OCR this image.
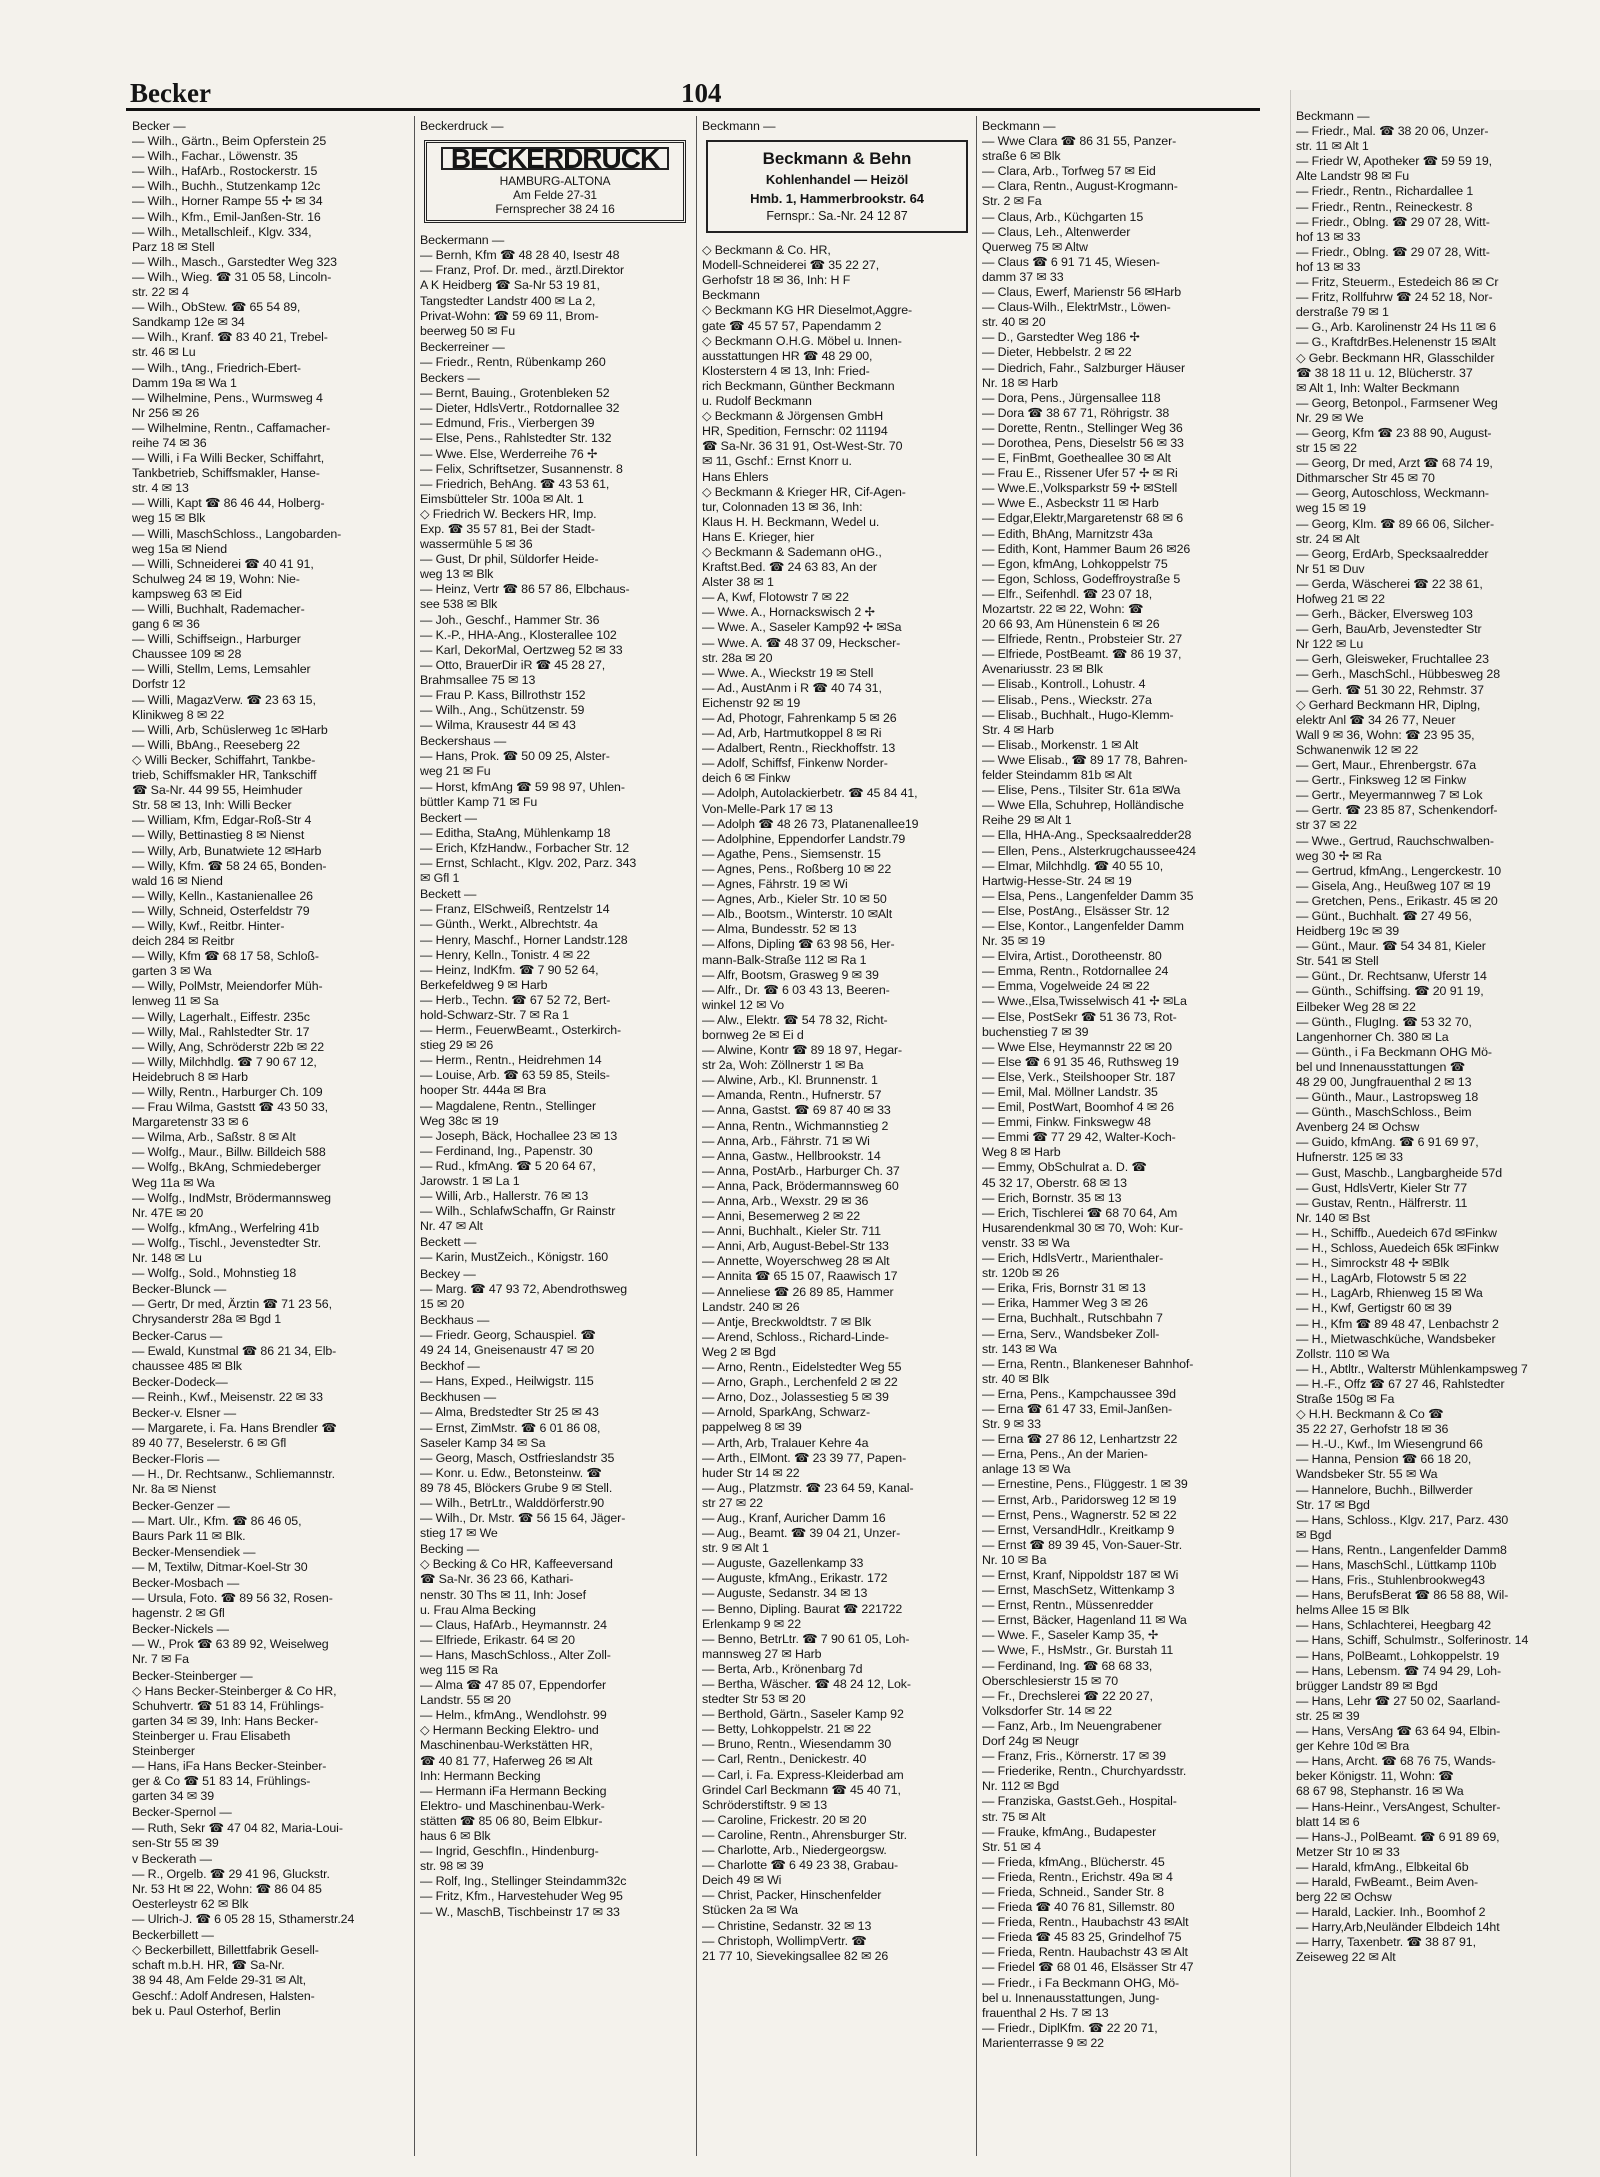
Becker	104
Becker —
— Wilh., Gärtn., Beim Opferstein 25
— Wilh., Fachar., Löwenstr. 35
— Wilh., HafArb., Rostockerstr. 15
— Wilh., Buchh., Stutzenkamp 12c
— Wilh., Horner Rampe 55 ✢ ✉ 34
— Wilh., Kfm., Emil-Janßen-Str. 16
— Wilh., Metallschleif., Klgv. 334,
Parz 18 ✉ Stell
— Wilh., Masch., Garstedter Weg 323
— Wilh., Wieg. ☎ 31 05 58, Lincoln-
str. 22 ✉ 4
— Wilh., ObStew. ☎ 65 54 89,
Sandkamp 12e ✉ 34
— Wilh., Kranf. ☎ 83 40 21, Trebel-
str. 46 ✉ Lu
— Wilh., tAng., Friedrich-Ebert-
Damm 19a ✉ Wa 1
— Wilhelmine, Pens., Wurmsweg 4
Nr 256 ✉ 26
— Wilhelmine, Rentn., Caffamacher-
reihe 74 ✉ 36
— Willi, i Fa Willi Becker, Schiffahrt,
Tankbetrieb, Schiffsmakler, Hanse-
str. 4 ✉ 13
— Willi, Kapt ☎ 86 46 44, Holberg-
weg 15 ✉ Blk
— Willi, MaschSchloss., Langobarden-
weg 15a ✉ Niend
— Willi, Schneiderei ☎ 40 41 91,
Schulweg 24 ✉ 19, Wohn: Nie-
kampsweg 63 ✉ Eid
— Willi, Buchhalt, Rademacher-
gang 6 ✉ 36
— Willi, Schiffseign., Harburger
Chaussee 109 ✉ 28
— Willi, Stellm, Lems, Lemsahler
Dorfstr 12
— Willi, MagazVerw. ☎ 23 63 15,
Klinikweg 8 ✉ 22
— Willi, Arb, Schüslerweg 1c ✉Harb
— Willi, BbAng., Reeseberg 22
◇ Willi Becker, Schiffahrt, Tankbe-
trieb, Schiffsmakler HR, Tankschiff
☎ Sa-Nr. 44 99 55, Heimhuder
Str. 58 ✉ 13, Inh: Willi Becker
— William, Kfm, Edgar-Roß-Str 4
— Willy, Bettinastieg 8 ✉ Nienst
— Willy, Arb, Bunatwiete 12 ✉Harb
— Willy, Kfm. ☎ 58 24 65, Bonden-
wald 16 ✉ Niend
— Willy, Kelln., Kastanienallee 26
— Willy, Schneid, Osterfeldstr 79
— Willy, Kwf., Reitbr. Hinter-
deich 284 ✉ Reitbr
— Willy, Kfm ☎ 68 17 58, Schloß-
garten 3 ✉ Wa
— Willy, PolMstr, Meiendorfer Müh-
lenweg 11 ✉ Sa
— Willy, Lagerhalt., Eiffestr. 235c
— Willy, Mal., Rahlstedter Str. 17
— Willy, Ang, Schröderstr 22b ✉ 22
— Willy, Milchhdlg. ☎ 7 90 67 12,
Heidebruch 8 ✉ Harb
— Willy, Rentn., Harburger Ch. 109
— Frau Wilma, Gaststt ☎ 43 50 33,
Margaretenstr 33 ✉ 6
— Wilma, Arb., Saßstr. 8 ✉ Alt
— Wolfg., Maur., Billw. Billdeich 588
— Wolfg., BkAng, Schmiedeberger
Weg 11a ✉ Wa
— Wolfg., IndMstr, Brödermannsweg
Nr. 47E ✉ 20
— Wolfg., kfmAng., Werfelring 41b
— Wolfg., Tischl., Jevenstedter Str.
Nr. 148 ✉ Lu
— Wolfg., Sold., Mohnstieg 18
Becker-Blunck —
— Gertr, Dr med, Ärztin ☎ 71 23 56,
Chrysanderstr 28a ✉ Bgd 1
Becker-Carus —
— Ewald, Kunstmal ☎ 86 21 34, Elb-
chaussee 485 ✉ Blk
Becker-Dodeck—
— Reinh., Kwf., Meisenstr. 22 ✉ 33
Becker-v. Elsner —
— Margarete, i. Fa. Hans Brendler ☎
89 40 77, Beselerstr. 6 ✉ Gfl
Becker-Floris —
— H., Dr. Rechtsanw., Schliemannstr.
Nr. 8a ✉ Nienst
Becker-Genzer —
— Mart. Ulr., Kfm. ☎ 86 46 05,
Baurs Park 11 ✉ Blk.
Becker-Mensendiek —
— M, Textilw, Ditmar-Koel-Str 30
Becker-Mosbach —
— Ursula, Foto. ☎ 89 56 32, Rosen-
hagenstr. 2 ✉ Gfl
Becker-Nickels —
— W., Prok ☎ 63 89 92, Weiselweg
Nr. 7 ✉ Fa
Becker-Steinberger —
◇ Hans Becker-Steinberger & Co HR,
Schuhvertr. ☎ 51 83 14, Frühlings-
garten 34 ✉ 39, Inh: Hans Becker-
Steinberger u. Frau Elisabeth
Steinberger
— Hans, iFa Hans Becker-Steinber-
ger & Co ☎ 51 83 14, Frühlings-
garten 34 ✉ 39
Becker-Spernol —
— Ruth, Sekr ☎ 47 04 82, Maria-Loui-
sen-Str 55 ✉ 39
v Beckerath —
— R., Orgelb. ☎ 29 41 96, Gluckstr.
Nr. 53 Ht ✉ 22, Wohn: ☎ 86 04 85
Oesterleystr 62 ✉ Blk
— Ulrich-J. ☎ 6 05 28 15, Sthamerstr.24
Beckerbillett —
◇ Beckerbillett, Billettfabrik Gesell-
schaft m.b.H. HR, ☎ Sa-Nr.
38 94 48, Am Felde 29-31 ✉ Alt,
Geschf.: Adolf Andresen, Halsten-
bek u. Paul Osterhof, Berlin
Beckerdruck —
BECKERDRUCK
HAMBURG-ALTONA
Am Felde 27-31
Fernsprecher 38 24 16
Beckermann —
— Bernh, Kfm ☎ 48 28 40, Isestr 48
— Franz, Prof. Dr. med., ärztl.Direktor
A K Heidberg ☎ Sa-Nr 53 19 81,
Tangstedter Landstr 400 ✉ La 2,
Privat-Wohn: ☎ 59 69 11, Brom-
beerweg 50 ✉ Fu
Beckerreiner —
— Friedr., Rentn, Rübenkamp 260
Beckers —
— Bernt, Bauing., Grotenbleken 52
— Dieter, HdlsVertr., Rotdornallee 32
— Edmund, Fris., Vierbergen 39
— Else, Pens., Rahlstedter Str. 132
— Wwe. Else, Werderreihe 76 ✢
— Felix, Schriftsetzer, Susannenstr. 8
— Friedrich, BehAng. ☎ 43 53 61,
Eimsbütteler Str. 100a ✉ Alt. 1
◇ Friedrich W. Beckers HR, Imp.
Exp. ☎ 35 57 81, Bei der Stadt-
wassermühle 5 ✉ 36
— Gust, Dr phil, Süldorfer Heide-
weg 13 ✉ Blk
— Heinz, Vertr ☎ 86 57 86, Elbchaus-
see 538 ✉ Blk
— Joh., Geschf., Hammer Str. 36
— K.-P., HHA-Ang., Klosterallee 102
— Karl, DekorMal, Oertzweg 52 ✉ 33
— Otto, BrauerDir iR ☎ 45 28 27,
Brahmsallee 75 ✉ 13
— Frau P. Kass, Billrothstr 152
— Wilh., Ang., Schützenstr. 59
— Wilma, Krausestr 44 ✉ 43
Beckershaus —
— Hans, Prok. ☎ 50 09 25, Alster-
weg 21 ✉ Fu
— Horst, kfmAng ☎ 59 98 97, Uhlen-
büttler Kamp 71 ✉ Fu
Beckert —
— Editha, StaAng, Mühlenkamp 18
— Erich, KfzHandw., Forbacher Str. 12
— Ernst, Schlacht., Klgv. 202, Parz. 343
✉ Gfl 1
Beckett —
— Franz, ElSchweiß, Rentzelstr 14
— Günth., Werkt., Albrechtstr. 4a
— Henry, Maschf., Horner Landstr.128
— Henry, Kelln., Tonistr. 4 ✉ 22
— Heinz, IndKfm. ☎ 7 90 52 64,
Berkefeldweg 9 ✉ Harb
— Herb., Techn. ☎ 67 52 72, Bert-
hold-Schwarz-Str. 7 ✉ Ra 1
— Herm., FeuerwBeamt., Osterkirch-
stieg 29 ✉ 26
— Herm., Rentn., Heidrehmen 14
— Louise, Arb. ☎ 63 59 85, Steils-
hooper Str. 444a ✉ Bra
— Magdalene, Rentn., Stellinger
Weg 38c ✉ 19
— Joseph, Bäck, Hochallee 23 ✉ 13
— Ferdinand, Ing., Papenstr. 30
— Rud., kfmAng. ☎ 5 20 64 67,
Jarowstr. 1 ✉ La 1
— Willi, Arb., Hallerstr. 76 ✉ 13
— Wilh., SchlafwSchaffn, Gr Rainstr
Nr. 47 ✉ Alt
Beckett —
— Karin, MustZeich., Königstr. 160
Beckey —
— Marg. ☎ 47 93 72, Abendrothsweg
15 ✉ 20
Beckhaus —
— Friedr. Georg, Schauspiel. ☎
49 24 14, Gneisenaustr 47 ✉ 20
Beckhof —
— Hans, Exped., Heilwigstr. 115
Beckhusen —
— Alma, Bredstedter Str 25 ✉ 43
— Ernst, ZimMstr. ☎ 6 01 86 08,
Saseler Kamp 34 ✉ Sa
— Georg, Masch, Ostfrieslandstr 35
— Konr. u. Edw., Betonsteinw. ☎
89 78 45, Blöckers Grube 9 ✉ Stell.
— Wilh., BetrLtr., Walddörferstr.90
— Wilh., Dr. Mstr. ☎ 56 15 64, Jäger-
stieg 17 ✉ We
Becking —
◇ Becking & Co HR, Kaffeeversand
☎ Sa-Nr. 36 23 66, Kathari-
nenstr. 30 Ths ✉ 11, Inh: Josef
u. Frau Alma Becking
— Claus, HafArb., Heymannstr. 24
— Elfriede, Erikastr. 64 ✉ 20
— Hans, MaschSchloss., Alter Zoll-
weg 115 ✉ Ra
— Alma ☎ 47 85 07, Eppendorfer
Landstr. 55 ✉ 20
— Helm., kfmAng., Wendlohstr. 99
◇ Hermann Becking Elektro- und
Maschinenbau-Werkstätten HR,
☎ 40 81 77, Haferweg 26 ✉ Alt
Inh: Hermann Becking
— Hermann iFa Hermann Becking
Elektro- und Maschinenbau-Werk-
stätten ☎ 85 06 80, Beim Elbkur-
haus 6 ✉ Blk
— Ingrid, GeschfIn., Hindenburg-
str. 98 ✉ 39
— Rolf, Ing., Stellinger Steindamm32c
— Fritz, Kfm., Harvestehuder Weg 95
— W., MaschB, Tischbeinstr 17 ✉ 33
Beckmann —
Beckmann & Behn
Kohlenhandel — Heizöl
Hmb. 1, Hammerbrookstr. 64
Fernspr.: Sa.-Nr. 24 12 87
◇ Beckmann & Co. HR,
Modell-Schneiderei ☎ 35 22 27,
Gerhofstr 18 ✉ 36, Inh: H F
Beckmann
◇ Beckmann KG HR Dieselmot,Aggre-
gate ☎ 45 57 57, Papendamm 2
◇ Beckmann O.H.G. Möbel u. Innen-
ausstattungen HR ☎ 48 29 00,
Klosterstern 4 ✉ 13, Inh: Fried-
rich Beckmann, Günther Beckmann
u. Rudolf Beckmann
◇ Beckmann & Jörgensen GmbH
HR, Spedition, Fernschr: 02 11194
☎ Sa-Nr. 36 31 91, Ost-West-Str. 70
✉ 11, Gschf.: Ernst Knorr u.
Hans Ehlers
◇ Beckmann & Krieger HR, Cif-Agen-
tur, Colonnaden 13 ✉ 36, Inh:
Klaus H. H. Beckmann, Wedel u.
Hans E. Krieger, hier
◇ Beckmann & Sademann oHG.,
Kraftst.Bed. ☎ 24 63 83, An der
Alster 38 ✉ 1
— A, Kwf, Flotowstr 7 ✉ 22
— Wwe. A., Hornackswisch 2 ✢
— Wwe. A., Saseler Kamp92 ✢ ✉Sa
— Wwe. A. ☎ 48 37 09, Heckscher-
str. 28a ✉ 20
— Wwe. A., Wieckstr 19 ✉ Stell
— Ad., AustAnm i R ☎ 40 74 31,
Eichenstr 92 ✉ 19
— Ad, Photogr, Fahrenkamp 5 ✉ 26
— Ad, Arb, Hartmutkoppel 8 ✉ Ri
— Adalbert, Rentn., Rieckhoffstr. 13
— Adolf, Schiffsf, Finkenw Norder-
deich 6 ✉ Finkw
— Adolph, Autolackierbetr. ☎ 45 84 41,
Von-Melle-Park 17 ✉ 13
— Adolph ☎ 48 26 73, Platanenallee19
— Adolphine, Eppendorfer Landstr.79
— Agathe, Pens., Siemsenstr. 15
— Agnes, Pens., Roßberg 10 ✉ 22
— Agnes, Fährstr. 19 ✉ Wi
— Agnes, Arb., Kieler Str. 10 ✉ 50
— Alb., Bootsm., Winterstr. 10 ✉Alt
— Alma, Bundesstr. 52 ✉ 13
— Alfons, Dipling ☎ 63 98 56, Her-
mann-Balk-Straße 112 ✉ Ra 1
— Alfr, Bootsm, Grasweg 9 ✉ 39
— Alfr., Dr. ☎ 6 03 43 13, Beeren-
winkel 12 ✉ Vo
— Alw., Elektr. ☎ 54 78 32, Richt-
bornweg 2e ✉ Ei d
— Alwine, Kontr ☎ 89 18 97, Hegar-
str 2a, Woh: Zöllnerstr 1 ✉ Ba
— Alwine, Arb., Kl. Brunnenstr. 1
— Amanda, Rentn., Hufnerstr. 57
— Anna, Gastst. ☎ 69 87 40 ✉ 33
— Anna, Rentn., Wichmannstieg 2
— Anna, Arb., Fährstr. 71 ✉ Wi
— Anna, Gastw., Hellbrookstr. 14
— Anna, PostArb., Harburger Ch. 37
— Anna, Pack, Brödermannsweg 60
— Anna, Arb., Wexstr. 29 ✉ 36
— Anni, Besemerweg 2 ✉ 22
— Anni, Buchhalt., Kieler Str. 711
— Anni, Arb, August-Bebel-Str 133
— Annette, Woyerschweg 28 ✉ Alt
— Annita ☎ 65 15 07, Raawisch 17
— Anneliese ☎ 26 89 85, Hammer
Landstr. 240 ✉ 26
— Antje, Breckwoldtstr. 7 ✉ Blk
— Arend, Schloss., Richard-Linde-
Weg 2 ✉ Bgd
— Arno, Rentn., Eidelstedter Weg 55
— Arno, Graph., Lerchenfeld 2 ✉ 22
— Arno, Doz., Jolassestieg 5 ✉ 39
— Arnold, SparkAng, Schwarz-
pappelweg 8 ✉ 39
— Arth, Arb, Tralauer Kehre 4a
— Arth., ElMont. ☎ 23 39 77, Papen-
huder Str 14 ✉ 22
— Aug., Platzmstr. ☎ 23 64 59, Kanal-
str 27 ✉ 22
— Aug., Kranf, Auricher Damm 16
— Aug., Beamt. ☎ 39 04 21, Unzer-
str. 9 ✉ Alt 1
— Auguste, Gazellenkamp 33
— Auguste, kfmAng., Erikastr. 172
— Auguste, Sedanstr. 34 ✉ 13
— Benno, Dipling. Baurat ☎ 221722
Erlenkamp 9 ✉ 22
— Benno, BetrLtr. ☎ 7 90 61 05, Loh-
mannsweg 27 ✉ Harb
— Berta, Arb., Krönenbarg 7d
— Bertha, Wäscher. ☎ 48 24 12, Lok-
stedter Str 53 ✉ 20
— Berthold, Gärtn., Saseler Kamp 92
— Betty, Lohkoppelstr. 21 ✉ 22
— Bruno, Rentn., Wiesendamm 30
— Carl, Rentn., Denickestr. 40
— Carl, i. Fa. Express-Kleiderbad am
Grindel Carl Beckmann ☎ 45 40 71,
Schröderstiftstr. 9 ✉ 13
— Caroline, Frickestr. 20 ✉ 20
— Caroline, Rentn., Ahrensburger Str.
— Charlotte, Arb., Niedergeorgsw.
— Charlotte ☎ 6 49 23 38, Grabau-
Deich 49 ✉ Wi
— Christ, Packer, Hinschenfelder
Stücken 2a ✉ Wa
— Christine, Sedanstr. 32 ✉ 13
— Christoph, WollimpVertr. ☎
21 77 10, Sievekingsallee 82 ✉ 26
Beckmann —
— Wwe Clara ☎ 86 31 55, Panzer-
straße 6 ✉ Blk
— Clara, Arb., Torfweg 57 ✉ Eid
— Clara, Rentn., August-Krogmann-
Str. 2 ✉ Fa
— Claus, Arb., Küchgarten 15
— Claus, Leh., Altenwerder
Querweg 75 ✉ Altw
— Claus ☎ 6 91 71 45, Wiesen-
damm 37 ✉ 33
— Claus, Ewerf, Marienstr 56 ✉Harb
— Claus-Wilh., ElektrMstr., Löwen-
str. 40 ✉ 20
— D., Garstedter Weg 186 ✢
— Dieter, Hebbelstr. 2 ✉ 22
— Diedrich, Fahr., Salzburger Häuser
Nr. 18 ✉ Harb
— Dora, Pens., Jürgensallee 118
— Dora ☎ 38 67 71, Röhrigstr. 38
— Dorette, Rentn., Stellinger Weg 36
— Dorothea, Pens, Dieselstr 56 ✉ 33
— E, FinBmt, Goetheallee 30 ✉ Alt
— Frau E., Rissener Ufer 57 ✢ ✉ Ri
— Wwe.E.,Volksparkstr 59 ✢ ✉Stell
— Wwe E., Asbeckstr 11 ✉ Harb
— Edgar,Elektr,Margaretenstr 68 ✉ 6
— Edith, BhAng, Marnitzstr 43a
— Edith, Kont, Hammer Baum 26 ✉26
— Egon, kfmAng, Lohkoppelstr 75
— Egon, Schloss, Godeffroystraße 5
— Elfr., Seifenhdl. ☎ 23 07 18,
Mozartstr. 22 ✉ 22, Wohn: ☎
20 66 93, Am Hünenstein 6 ✉ 26
— Elfriede, Rentn., Probsteier Str. 27
— Elfriede, PostBeamt. ☎ 86 19 37,
Avenariusstr. 23 ✉ Blk
— Elisab., Kontroll., Lohustr. 4
— Elisab., Pens., Wieckstr. 27a
— Elisab., Buchhalt., Hugo-Klemm-
Str. 4 ✉ Harb
— Elisab., Morkenstr. 1 ✉ Alt
— Wwe Elisab., ☎ 89 17 78, Bahren-
felder Steindamm 81b ✉ Alt
— Elise, Pens., Tilsiter Str. 61a ✉Wa
— Wwe Ella, Schuhrep, Holländische
Reihe 29 ✉ Alt 1
— Ella, HHA-Ang., Specksaalredder28
— Ellen, Pens., Alsterkrugchaussee424
— Elmar, Milchhdlg. ☎ 40 55 10,
Hartwig-Hesse-Str. 24 ✉ 19
— Elsa, Pens., Langenfelder Damm 35
— Else, PostAng., Elsässer Str. 12
— Else, Kontor., Langenfelder Damm
Nr. 35 ✉ 19
— Elvira, Artist., Dorotheenstr. 80
— Emma, Rentn., Rotdornallee 24
— Emma, Vogelweide 24 ✉ 22
— Wwe.,Elsa,Twisselwisch 41 ✢ ✉La
— Else, PostSekr ☎ 51 36 73, Rot-
buchenstieg 7 ✉ 39
— Wwe Else, Heymannstr 22 ✉ 20
— Else ☎ 6 91 35 46, Ruthsweg 19
— Else, Verk., Steilshooper Str. 187
— Emil, Mal. Möllner Landstr. 35
— Emil, PostWart, Boomhof 4 ✉ 26
— Emmi, Finkw. Finkswegw 48
— Emmi ☎ 77 29 42, Walter-Koch-
Weg 8 ✉ Harb
— Emmy, ObSchulrat a. D. ☎
45 32 17, Oberstr. 68 ✉ 13
— Erich, Bornstr. 35 ✉ 13
— Erich, Tischlerei ☎ 68 70 64, Am
Husarendenkmal 30 ✉ 70, Woh: Kur-
venstr. 33 ✉ Wa
— Erich, HdlsVertr., Marienthaler-
str. 120b ✉ 26
— Erika, Fris, Bornstr 31 ✉ 13
— Erika, Hammer Weg 3 ✉ 26
— Erna, Buchhalt., Rutschbahn 7
— Erna, Serv., Wandsbeker Zoll-
str. 143 ✉ Wa
— Erna, Rentn., Blankeneser Bahnhof-
str. 40 ✉ Blk
— Erna, Pens., Kampchaussee 39d
— Erna ☎ 61 47 33, Emil-Janßen-
Str. 9 ✉ 33
— Erna ☎ 27 86 12, Lenhartzstr 22
— Erna, Pens., An der Marien-
anlage 13 ✉ Wa
— Ernestine, Pens., Flüggestr. 1 ✉ 39
— Ernst, Arb., Paridorsweg 12 ✉ 19
— Ernst, Pens., Wagnerstr. 52 ✉ 22
— Ernst, VersandHdlr., Kreitkamp 9
— Ernst ☎ 89 39 45, Von-Sauer-Str.
Nr. 10 ✉ Ba
— Ernst, Kranf, Nippoldstr 187 ✉ Wi
— Ernst, MaschSetz, Wittenkamp 3
— Ernst, Rentn., Müssenredder
— Ernst, Bäcker, Hagenland 11 ✉ Wa
— Wwe. F., Saseler Kamp 35, ✢
— Wwe, F., HsMstr., Gr. Burstah 11
— Ferdinand, Ing. ☎ 68 68 33,
Oberschlesierstr 15 ✉ 70
— Fr., Drechslerei ☎ 22 20 27,
Volksdorfer Str. 14 ✉ 22
— Fanz, Arb., Im Neuengrabener
Dorf 24g ✉ Neugr
— Franz, Fris., Körnerstr. 17 ✉ 39
— Friederike, Rentn., Churchyardsstr.
Nr. 112 ✉ Bgd
— Franziska, Gastst.Geh., Hospital-
str. 75 ✉ Alt
— Frauke, kfmAng., Budapester
Str. 51 ✉ 4
— Frieda, kfmAng., Blücherstr. 45
— Frieda, Rentn., Erichstr. 49a ✉ 4
— Frieda, Schneid., Sander Str. 8
— Frieda ☎ 40 76 81, Sillemstr. 80
— Frieda, Rentn., Haubachstr 43 ✉Alt
— Frieda ☎ 45 83 25, Grindelhof 75
— Frieda, Rentn. Haubachstr 43 ✉ Alt
— Friedel ☎ 68 01 46, Elsässer Str 47
— Friedr., i Fa Beckmann OHG, Mö-
bel u. Innenausstattungen, Jung-
frauenthal 2 Hs. 7 ✉ 13
— Friedr., DiplKfm. ☎ 22 20 71,
Marienterrasse 9 ✉ 22
Beckmann —
— Friedr., Mal. ☎ 38 20 06, Unzer-
str. 11 ✉ Alt 1
— Friedr W, Apotheker ☎ 59 59 19,
Alte Landstr 98 ✉ Fu
— Friedr., Rentn., Richardallee 1
— Friedr., Rentn., Reineckestr. 8
— Friedr., Oblng. ☎ 29 07 28, Witt-
hof 13 ✉ 33
— Friedr., Oblng. ☎ 29 07 28, Witt-
hof 13 ✉ 33
— Fritz, Steuerm., Estedeich 86 ✉ Cr
— Fritz, Rollfuhrw ☎ 24 52 18, Nor-
derstraße 79 ✉ 1
— G., Arb. Karolinenstr 24 Hs 11 ✉ 6
— G., KraftdrBes.Helenenstr 15 ✉Alt
◇ Gebr. Beckmann HR, Glasschilder
☎ 38 18 11 u. 12, Blücherstr. 37
✉ Alt 1, Inh: Walter Beckmann
— Georg, Betonpol., Farmsener Weg
Nr. 29 ✉ We
— Georg, Kfm ☎ 23 88 90, August-
str 15 ✉ 22
— Georg, Dr med, Arzt ☎ 68 74 19,
Dithmarscher Str 45 ✉ 70
— Georg, Autoschloss, Weckmann-
weg 15 ✉ 19
— Georg, Klm. ☎ 89 66 06, Silcher-
str. 24 ✉ Alt
— Georg, ErdArb, Specksaalredder
Nr 51 ✉ Duv
— Gerda, Wäscherei ☎ 22 38 61,
Hofweg 21 ✉ 22
— Gerh., Bäcker, Elversweg 103
— Gerh, BauArb, Jevenstedter Str
Nr 122 ✉ Lu
— Gerh, Gleisweker, Fruchtallee 23
— Gerh., MaschSchl., Hübbesweg 28
— Gerh. ☎ 51 30 22, Rehmstr. 37
◇ Gerhard Beckmann HR, Diplng,
elektr Anl ☎ 34 26 77, Neuer
Wall 9 ✉ 36, Wohn: ☎ 23 95 35,
Schwanenwik 12 ✉ 22
— Gert, Maur., Ehrenbergstr. 67a
— Gertr., Finksweg 12 ✉ Finkw
— Gertr., Meyermannweg 7 ✉ Lok
— Gertr. ☎ 23 85 87, Schenkendorf-
str 37 ✉ 22
— Wwe., Gertrud, Rauchschwalben-
weg 30 ✢ ✉ Ra
— Gertrud, kfmAng., Lengerckestr. 10
— Gisela, Ang., Heußweg 107 ✉ 19
— Gretchen, Pens., Erikastr. 45 ✉ 20
— Günt., Buchhalt. ☎ 27 49 56,
Heidberg 19c ✉ 39
— Günt., Maur. ☎ 54 34 81, Kieler
Str. 541 ✉ Stell
— Günt., Dr. Rechtsanw, Uferstr 14
— Günth., Schiffsing. ☎ 20 91 19,
Eilbeker Weg 28 ✉ 22
— Günth., FlugIng. ☎ 53 32 70,
Langenhorner Ch. 380 ✉ La
— Günth., i Fa Beckmann OHG Mö-
bel und Innenausstattungen ☎
48 29 00, Jungfrauenthal 2 ✉ 13
— Günth., Maur., Lastropsweg 18
— Günth., MaschSchloss., Beim
Avenberg 24 ✉ Ochsw
— Guido, kfmAng. ☎ 6 91 69 97,
Hufnerstr. 125 ✉ 33
— Gust, Maschb., Langbargheide 57d
— Gust, HdlsVertr, Kieler Str 77
— Gustav, Rentn., Hälfrerstr. 11
Nr. 140 ✉ Bst
— H., Schiffb., Auedeich 67d ✉Finkw
— H., Schloss, Auedeich 65k ✉Finkw
— H., Simrockstr 48 ✢ ✉Blk
— H., LagArb, Flotowstr 5 ✉ 22
— H., LagArb, Rhienweg 15 ✉ Wa
— H., Kwf, Gertigstr 60 ✉ 39
— H., Kfm ☎ 89 48 47, Lenbachstr 2
— H., Mietwaschküche, Wandsbeker
Zollstr. 110 ✉ Wa
— H., Abtltr., Walterstr Mühlenkampsweg 7
— H.-F., Offz ☎ 67 27 46, Rahlstedter
Straße 150g ✉ Fa
◇ H.H. Beckmann & Co ☎
35 22 27, Gerhofstr 18 ✉ 36
— H.-U., Kwf., Im Wiesengrund 66
— Hanna, Pension ☎ 66 18 20,
Wandsbeker Str. 55 ✉ Wa
— Hannelore, Buchh., Billwerder
Str. 17 ✉ Bgd
— Hans, Schloss., Klgv. 217, Parz. 430
✉ Bgd
— Hans, Rentn., Langenfelder Damm8
— Hans, MaschSchl., Lüttkamp 110b
— Hans, Fris., Stuhlenbrookweg43
— Hans, BerufsBerat ☎ 86 58 88, Wil-
helms Allee 15 ✉ Blk
— Hans, Schlachterei, Heegbarg 42
— Hans, Schiff, Schulmstr., Solferinostr. 14
— Hans, PolBeamt., Lohkoppelstr. 19
— Hans, Lebensm. ☎ 74 94 29, Loh-
brügger Landstr 89 ✉ Bgd
— Hans, Lehr ☎ 27 50 02, Saarland-
str. 25 ✉ 39
— Hans, VersAng ☎ 63 64 94, Elbin-
ger Kehre 10d ✉ Bra
— Hans, Archt. ☎ 68 76 75, Wands-
beker Königstr. 11, Wohn: ☎
68 67 98, Stephanstr. 16 ✉ Wa
— Hans-Heinr., VersAngest, Schulter-
blatt 14 ✉ 6
— Hans-J., PolBeamt. ☎ 6 91 89 69,
Metzer Str 10 ✉ 33
— Harald, kfmAng., Elbkeital 6b
— Harald, FwBeamt., Beim Aven-
berg 22 ✉ Ochsw
— Harald, Lackier. Inh., Boomhof 2
— Harry,Arb,Neuländer Elbdeich 14ht
— Harry, Taxenbetr. ☎ 38 87 91,
Zeiseweg 22 ✉ Alt
